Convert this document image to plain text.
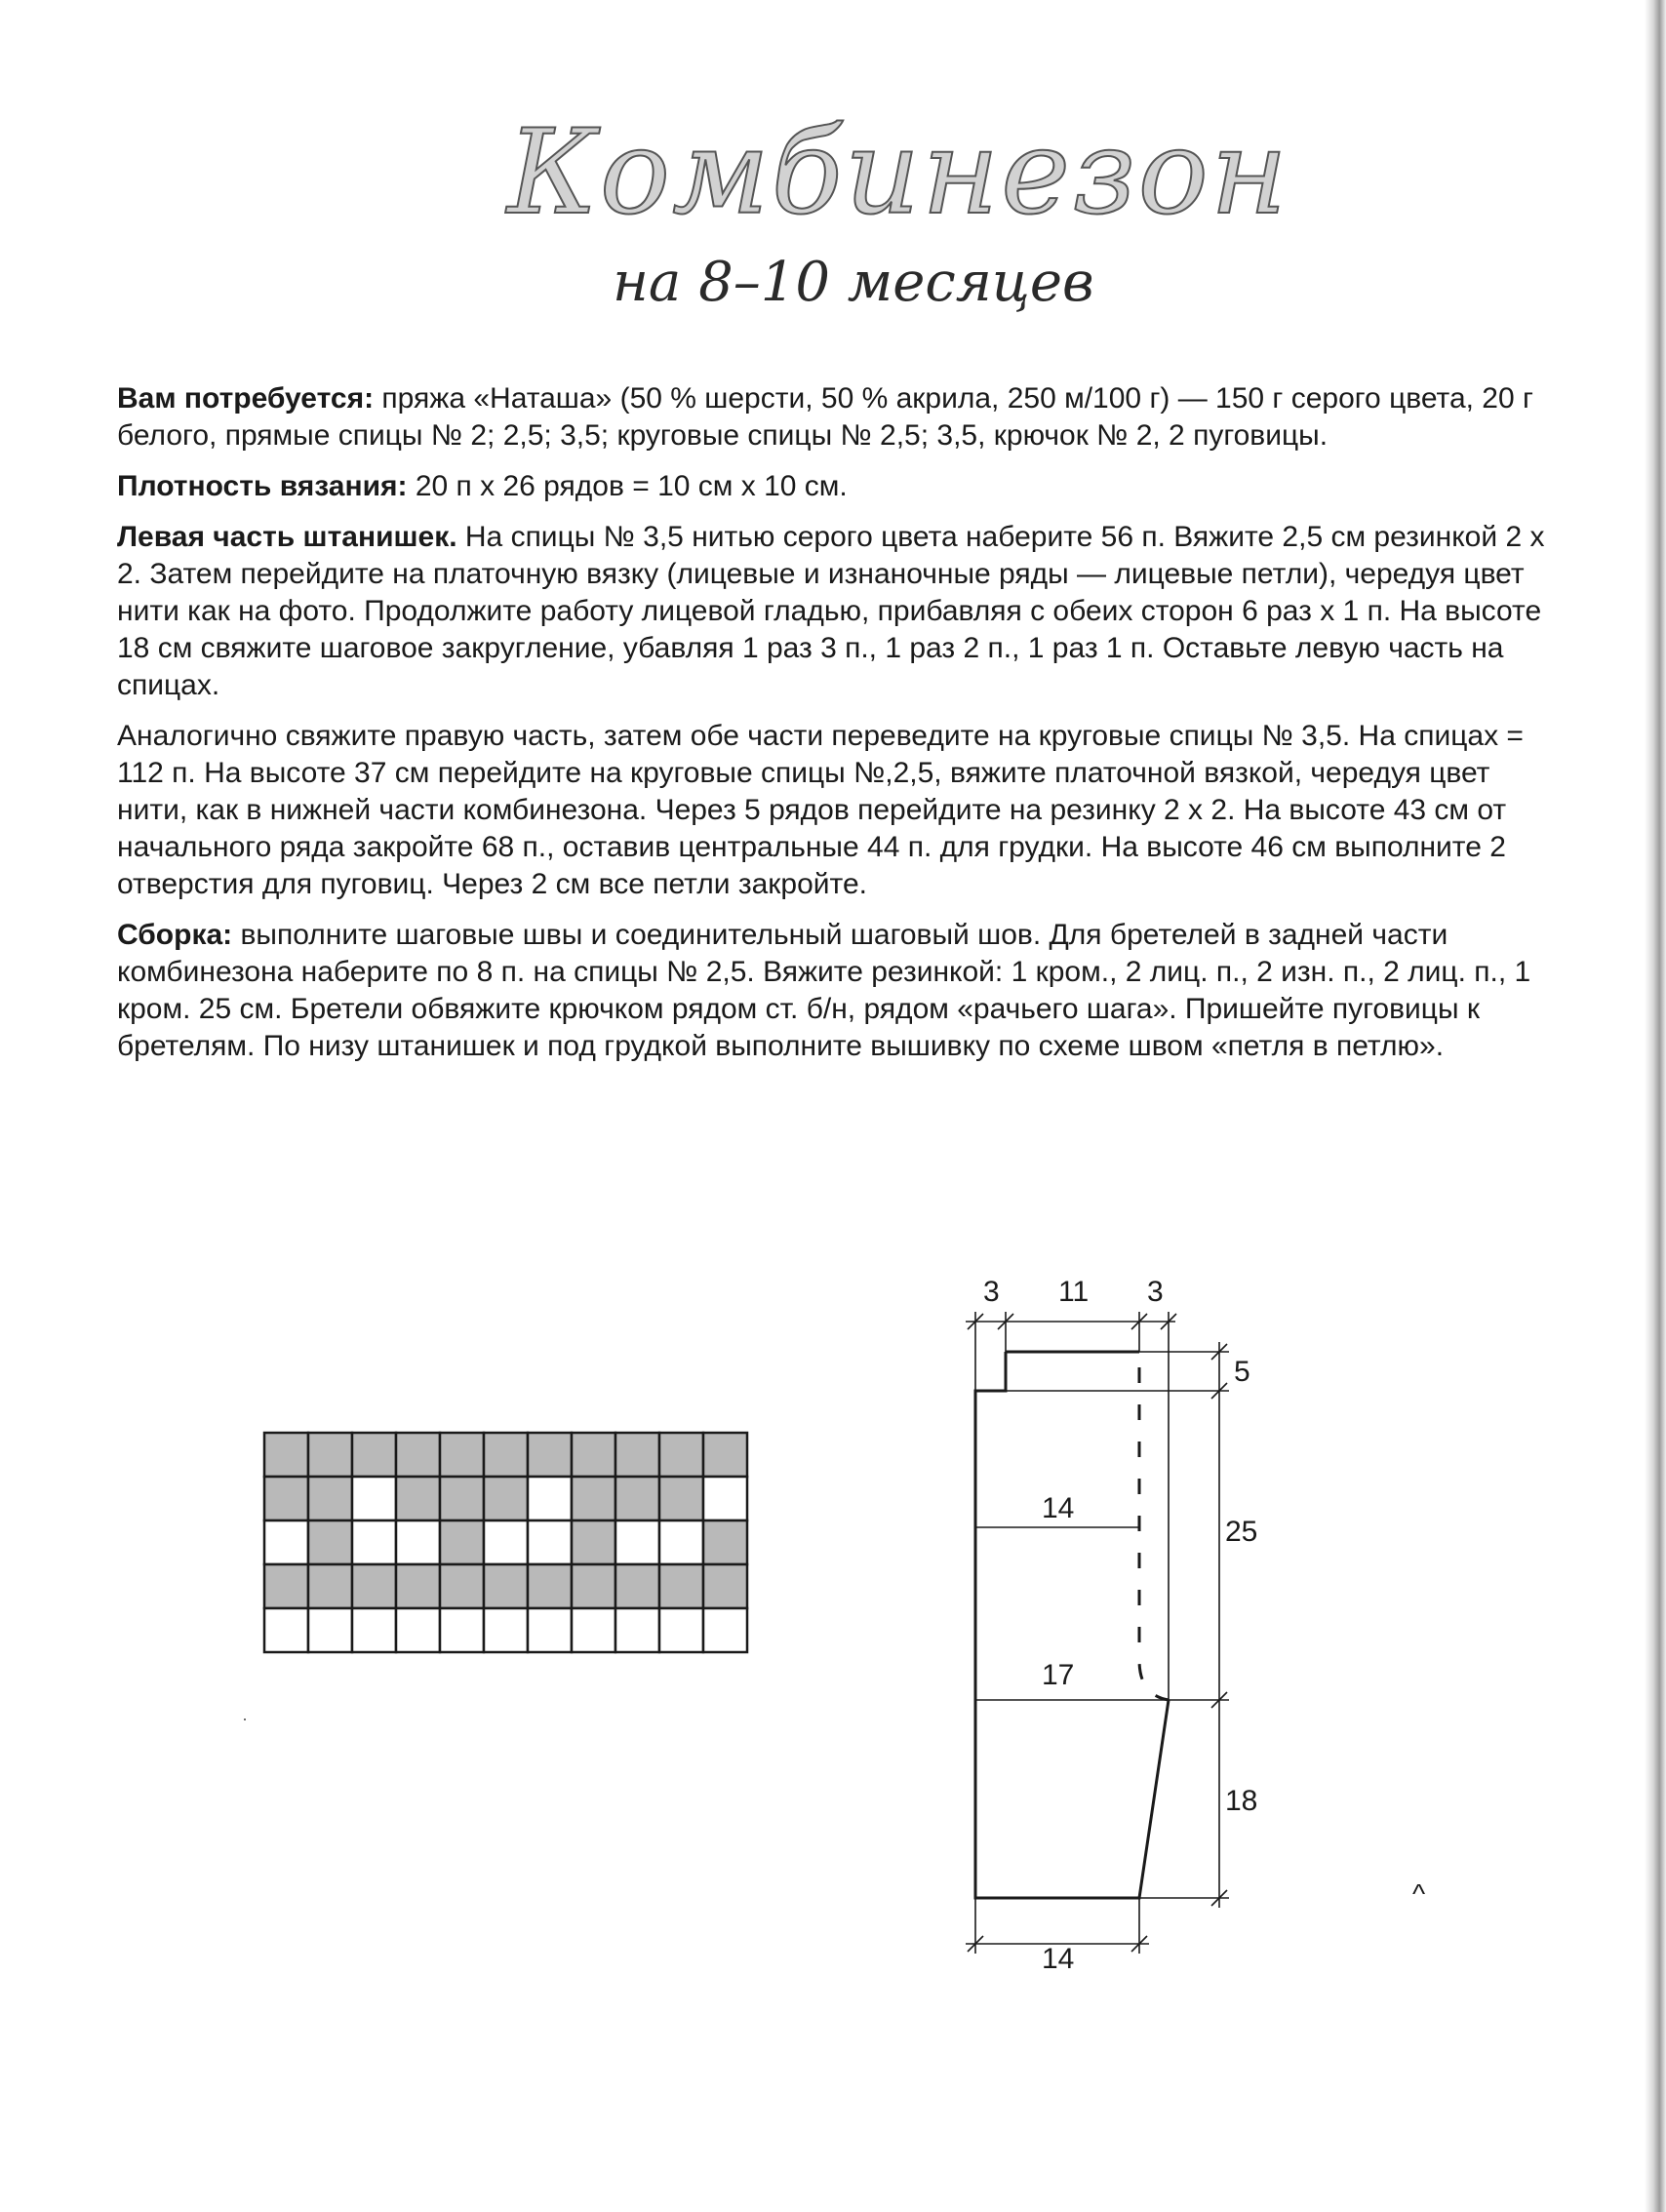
Комбинезон
на 8–10 месяцев

Вам потребуется: пряжа «Наташа» (50 % шерсти, 50 % акрила, 250 м/100 г) — 150 г серого цвета, 20 г белого, прямые спицы № 2; 2,5; 3,5; круговые спицы № 2,5; 3,5, крючок № 2, 2 пуговицы.

Плотность вязания: 20 п х 26 рядов = 10 см х 10 см.

Левая часть штанишек. На спицы № 3,5 нитью серого цвета наберите 56 п. Вяжите 2,5 см резинкой 2 х 2. Затем перейдите на платочную вязку (лицевые и изнаночные ряды — лицевые петли), чередуя цвет нити как на фото. Продолжите работу лицевой гладью, прибавляя с обеих сторон 6 раз х 1 п. На высоте 18 см свяжите шаговое закругление, убавляя 1 раз 3 п., 1 раз 2 п., 1 раз 1 п. Оставьте левую часть на спицах.

Аналогично свяжите правую часть, затем обе части переведите на круговые спицы № 3,5. На спицах = 112 п. На высоте 37 см перейдите на круговые спицы №,2,5, вяжите платочной вязкой, чередуя цвет нити, как в нижней части комбинезона. Через 5 рядов перейдите на резинку 2 х 2. На высоте 43 см от начального ряда закройте 68 п., оставив центральные 44 п. для грудки. На высоте 46 см выполните 2 отверстия для пуговиц. Через 2 см все петли закройте.

Сборка: выполните шаговые швы и соединительный шаговый шов. Для бретелей в задней части комбинезона наберите по 8 п. на спицы № 2,5. Вяжите резинкой: 1 кром., 2 лиц. п., 2 изн. п., 2 лиц. п., 1 кром. 25 см. Бретели обвяжите крючком рядом ст. б/н, рядом «рачьего шага». Пришейте пуговицы к бретелям. По низу штанишек и под грудкой выполните вышивку по схеме швом «петля в петлю».

3 11 3
5
14
25
17
18
14
^
·
